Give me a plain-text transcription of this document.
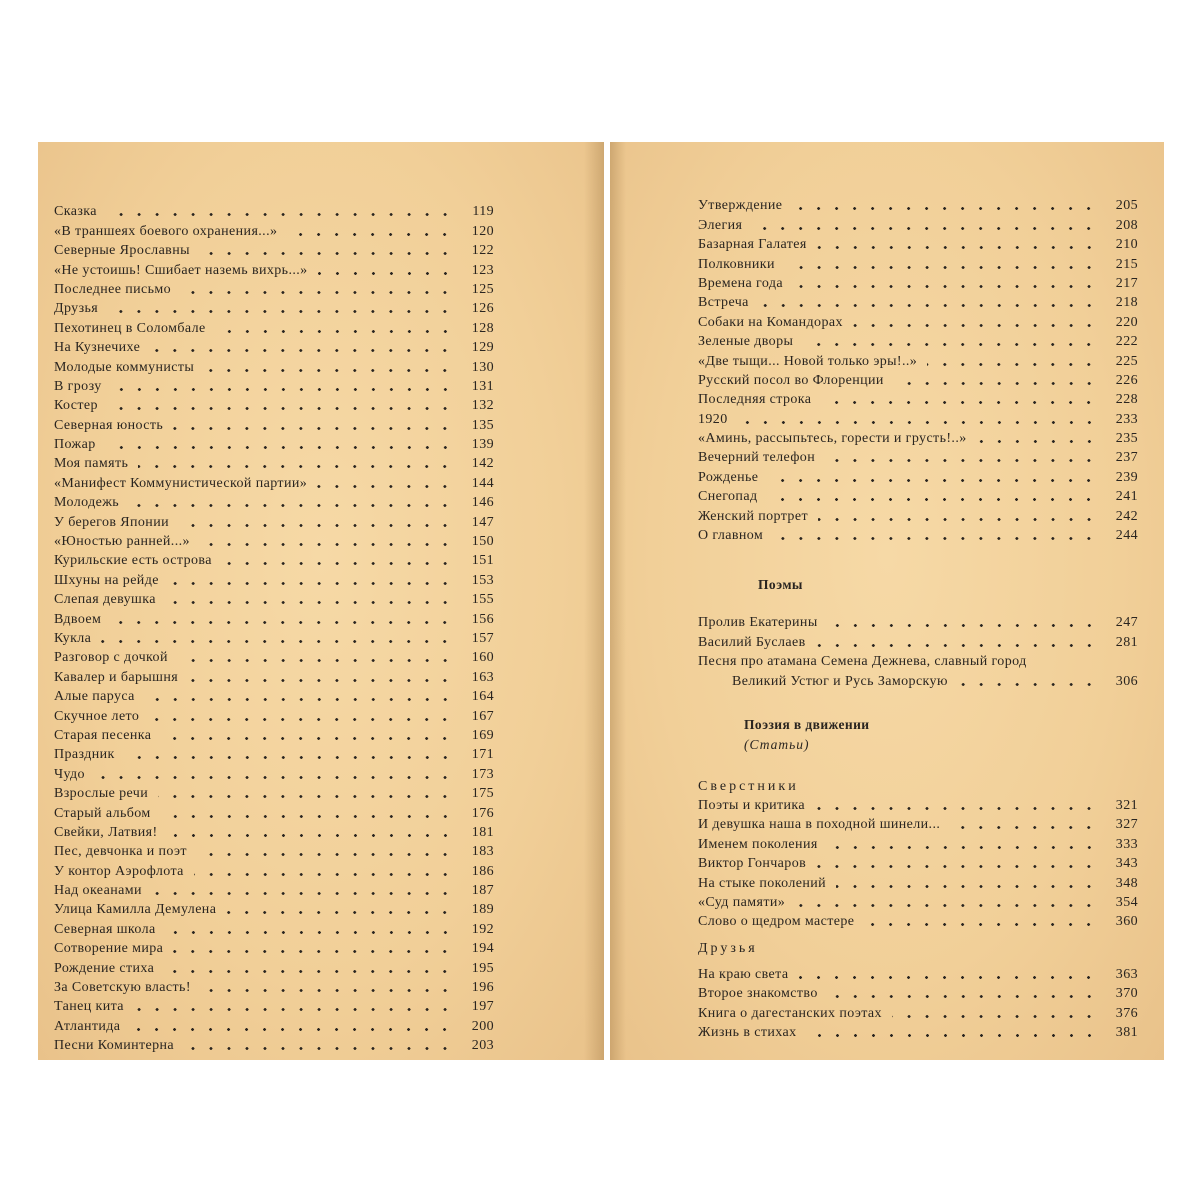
Сказка	119
«В траншеях боевого охранения...»	120
Северные Ярославны	122
«Не устоишь! Сшибает наземь вихрь...»	123
Последнее письмо	125
Друзья	126
Пехотинец в Соломбале	128
На Кузнечихе	129
Молодые коммунисты	130
В грозу	131
Костер	132
Северная юность	135
Пожар	139
Моя память	142
«Манифест Коммунистической партии»	144
Молодежь	146
У берегов Японии	147
«Юностью ранней...»	150
Курильские есть острова	151
Шхуны на рейде	153
Слепая девушка	155
Вдвоем	156
Кукла	157
Разговор с дочкой	160
Кавалер и барышня	163
Алые паруса	164
Скучное лето	167
Старая песенка	169
Праздник	171
Чудо	173
Взрослые речи	175
Старый альбом	176
Свейки, Латвия!	181
Пес, девчонка и поэт	183
У контор Аэрофлота	186
Над океанами	187
Улица Камилла Демулена	189
Северная школа	192
Сотворение мира	194
Рождение стиха	195
За Советскую власть!	196
Танец кита	197
Атлантида	200
Песни Коминтерна	203
Утверждение	205
Элегия	208
Базарная Галатея	210
Полковники	215
Времена года	217
Встреча	218
Собаки на Командорах	220
Зеленые дворы	222
«Две тыщи... Новой только эры!..»	225
Русский посол во Флоренции	226
Последняя строка	228
1920	233
«Аминь, рассыпьтесь, горести и грусть!..»	235
Вечерний телефон	237
Рожденье	239
Снегопад	241
Женский портрет	242
О главном	244
Поэмы
Пролив Екатерины	247
Василий Буслаев	281
Песня про атамана Семена Дежнева, славный город
Великий Устюг и Русь Заморскую	306
Поэзия в движении
(Статьи)
Сверстники
Поэты и критика	321
И девушка наша в походной шинели...	327
Именем поколения	333
Виктор Гончаров	343
На стыке поколений	348
«Суд памяти»	354
Слово о щедром мастере	360
Друзья
На краю света	363
Второе знакомство	370
Книга о дагестанских поэтах	376
Жизнь в стихах	381
